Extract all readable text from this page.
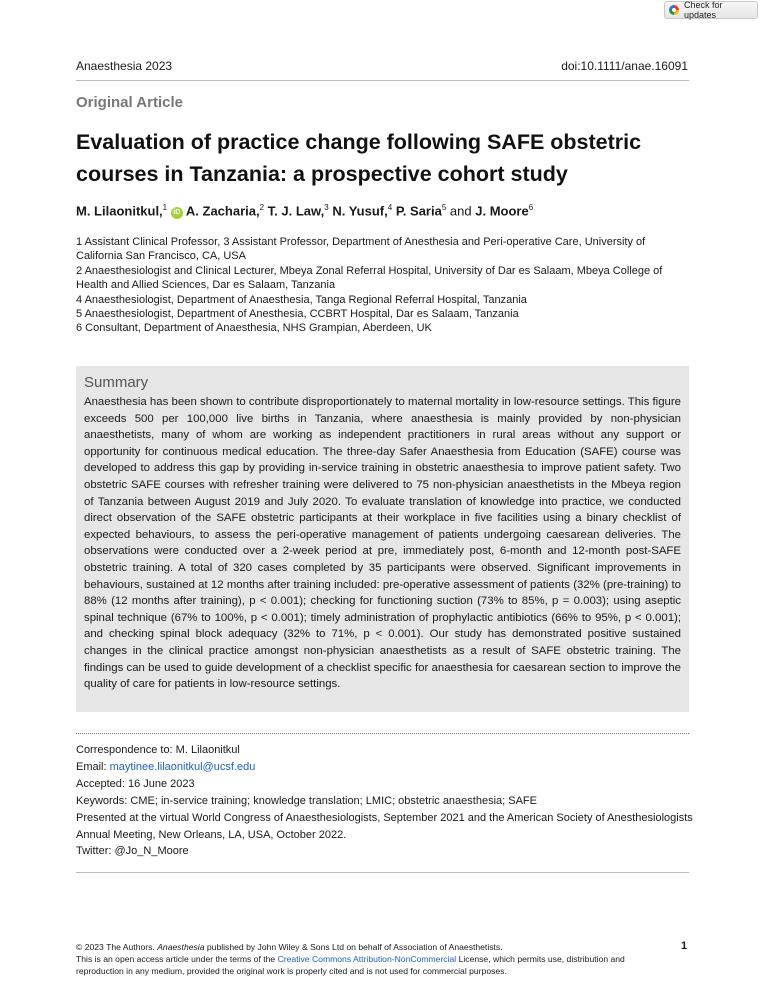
Check for updates
Anaesthesia 2023	doi:10.1111/anae.16091
Original Article
Evaluation of practice change following SAFE obstetric courses in Tanzania: a prospective cohort study
M. Lilaonitkul,$^1$ iD A. Zacharia,$^2$ T. J. Law,$^3$ N. Yusuf,$^4$ P. Saria$^5$ and J. Moore$^6$
1 Assistant Clinical Professor, 3 Assistant Professor, Department of Anesthesia and Peri-operative Care, University of California San Francisco, CA, USA
2 Anaesthesiologist and Clinical Lecturer, Mbeya Zonal Referral Hospital, University of Dar es Salaam, Mbeya College of Health and Allied Sciences, Dar es Salaam, Tanzania
4 Anaesthesiologist, Department of Anaesthesia, Tanga Regional Referral Hospital, Tanzania
5 Anaesthesiologist, Department of Anesthesia, CCBRT Hospital, Dar es Salaam, Tanzania
6 Consultant, Department of Anaesthesia, NHS Grampian, Aberdeen, UK
Summary

Anaesthesia has been shown to contribute disproportionately to maternal mortality in low-resource settings. This figure exceeds 500 per 100,000 live births in Tanzania, where anaesthesia is mainly provided by non-physician anaesthetists, many of whom are working as independent practitioners in rural areas without any support or opportunity for continuous medical education. The three-day Safer Anaesthesia from Education (SAFE) course was developed to address this gap by providing in-service training in obstetric anaesthesia to improve patient safety. Two obstetric SAFE courses with refresher training were delivered to 75 non-physician anaesthetists in the Mbeya region of Tanzania between August 2019 and July 2020. To evaluate translation of knowledge into practice, we conducted direct observation of the SAFE obstetric participants at their workplace in five facilities using a binary checklist of expected behaviours, to assess the peri-operative management of patients undergoing caesarean deliveries. The observations were conducted over a 2-week period at pre, immediately post, 6-month and 12-month post-SAFE obstetric training. A total of 320 cases completed by 35 participants were observed. Significant improvements in behaviours, sustained at 12 months after training included: pre-operative assessment of patients (32% (pre-training) to 88% (12 months after training), p < 0.001); checking for functioning suction (73% to 85%, p = 0.003); using aseptic spinal technique (67% to 100%, p < 0.001); timely administration of prophylactic antibiotics (66% to 95%, p < 0.001); and checking spinal block adequacy (32% to 71%, p < 0.001). Our study has demonstrated positive sustained changes in the clinical practice amongst non-physician anaesthetists as a result of SAFE obstetric training. The findings can be used to guide development of a checklist specific for anaesthesia for caesarean section to improve the quality of care for patients in low-resource settings.

Correspondence to: M. Lilaonitkul
Email: maytinee.lilaonitkul@ucsf.edu
Accepted: 16 June 2023
Keywords: CME; in-service training; knowledge translation; LMIC; obstetric anaesthesia; SAFE
Presented at the virtual World Congress of Anaesthesiologists, September 2021 and the American Society of Anesthesiologists Annual Meeting, New Orleans, LA, USA, October 2022.
Twitter: @Jo_N_Moore
© 2023 The Authors. Anaesthesia published by John Wiley & Sons Ltd on behalf of Association of Anaesthetists.
This is an open access article under the terms of the Creative Commons Attribution-NonCommercial License, which permits use, distribution and reproduction in any medium, provided the original work is properly cited and is not used for commercial purposes.
1
